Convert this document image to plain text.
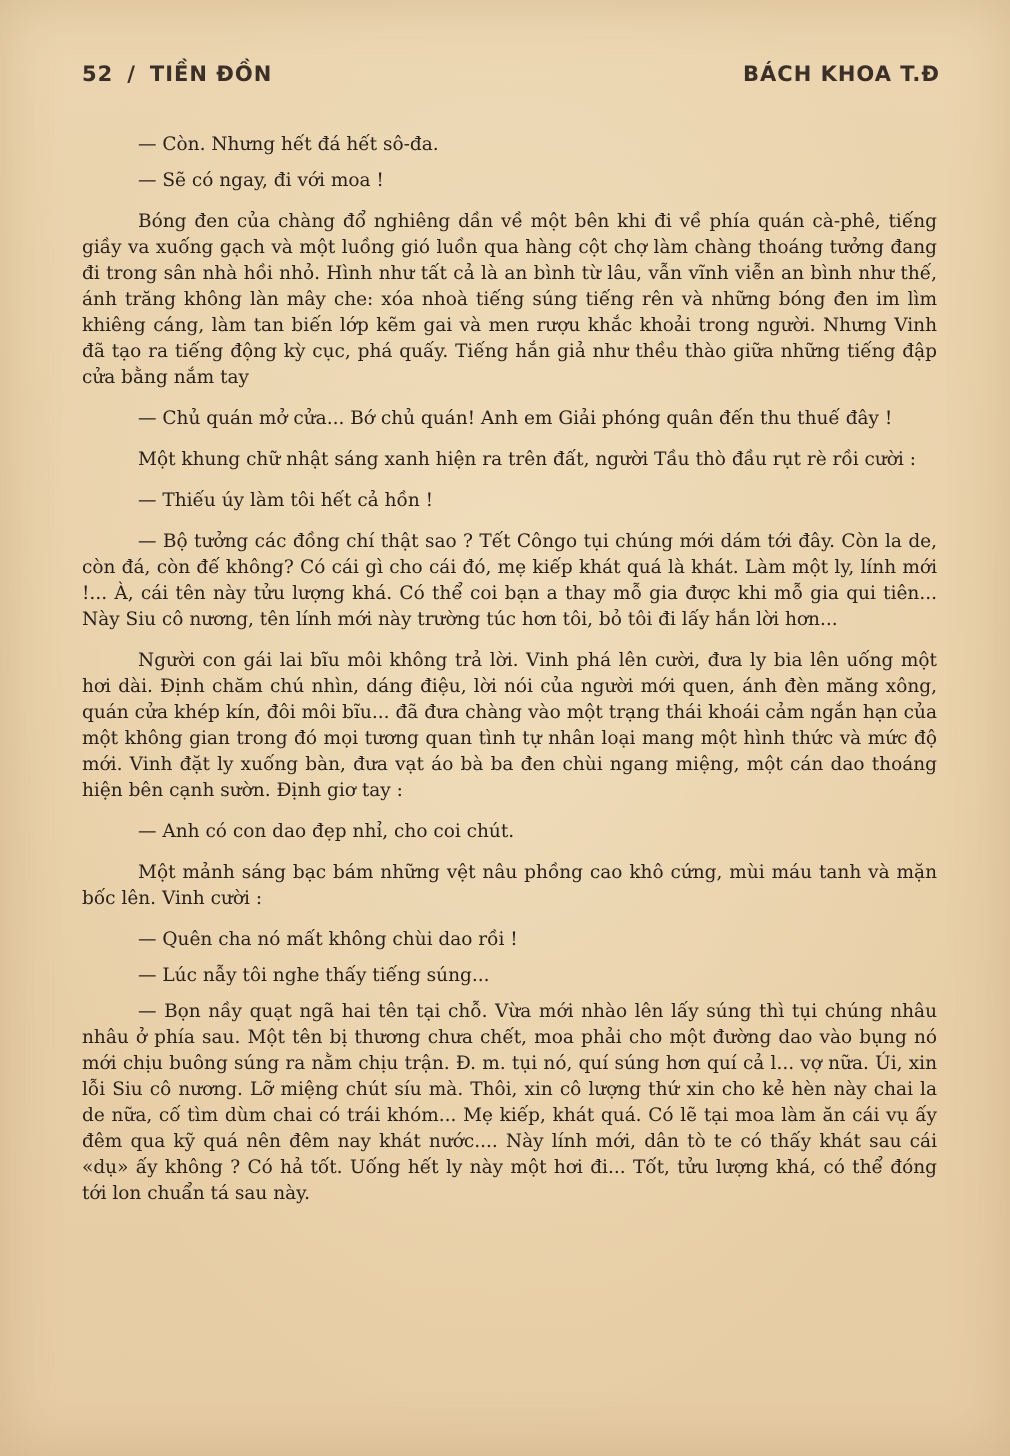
52 / TIỀN ĐỒN	BÁCH KHOA T.Đ

— Còn. Nhưng hết đá hết sô-đa.

— Sẽ có ngay, đi với moa !

Bóng đen của chàng đổ nghiêng dần về một bên khi đi về phía quán cà-phê, tiếng giầy va xuống gạch và một luồng gió luồn qua hàng cột chợ làm chàng thoáng tưởng đang đi trong sân nhà hồi nhỏ. Hình như tất cả là an bình từ lâu, vẫn vĩnh viễn an bình như thế, ánh trăng không làn mây che: xóa nhoà tiếng súng tiếng rên và những bóng đen im lìm khiêng cáng, làm tan biến lớp kẽm gai và men rượu khắc khoải trong người. Nhưng Vinh đã tạo ra tiếng động kỳ cục, phá quấy. Tiếng hắn giả như thều thào giữa những tiếng đập cửa bằng nắm tay

— Chủ quán mở cửa... Bớ chủ quán! Anh em Giải phóng quân đến thu thuế đây !

Một khung chữ nhật sáng xanh hiện ra trên đất, người Tầu thò đầu rụt rè rồi cười :

— Thiếu úy làm tôi hết cả hồn !

— Bộ tưởng các đồng chí thật sao ? Tết Côngo tụi chúng mới dám tới đây. Còn la de, còn đá, còn đế không? Có cái gì cho cái đó, mẹ kiếp khát quá là khát. Làm một ly, lính mới !... À, cái tên này tửu lượng khá. Có thể coi bạn a thay mỗ gia được khi mỗ gia qui tiên... Này Siu cô nương, tên lính mới này trường túc hơn tôi, bỏ tôi đi lấy hắn lời hơn...

Người con gái lai bĩu môi không trả lời. Vinh phá lên cười, đưa ly bia lên uống một hơi dài. Định chăm chú nhìn, dáng điệu, lời nói của người mới quen, ánh đèn măng xông, quán cửa khép kín, đôi môi bĩu... đã đưa chàng vào một trạng thái khoái cảm ngắn hạn của một không gian trong đó mọi tương quan tình tự nhân loại mang một hình thức và mức độ mới. Vinh đặt ly xuống bàn, đưa vạt áo bà ba đen chùi ngang miệng, một cán dao thoáng hiện bên cạnh sườn. Định giơ tay :

— Anh có con dao đẹp nhỉ, cho coi chút.

Một mảnh sáng bạc bám những vệt nâu phồng cao khô cứng, mùi máu tanh và mặn bốc lên. Vinh cười :

— Quên cha nó mất không chùi dao rồi !

— Lúc nẫy tôi nghe thấy tiếng súng...

— Bọn nầy quạt ngã hai tên tại chỗ. Vừa mới nhào lên lấy súng thì tụi chúng nhâu nhâu ở phía sau. Một tên bị thương chưa chết, moa phải cho một đường dao vào bụng nó mới chịu buông súng ra nằm chịu trận. Đ. m. tụi nó, quí súng hơn quí cả l... vợ nữa. Úi, xin lỗi Siu cô nương. Lỡ miệng chút síu mà. Thôi, xin cô lượng thứ xin cho kẻ hèn này chai la de nữa, cố tìm dùm chai có trái khóm... Mẹ kiếp, khát quá. Có lẽ tại moa làm ăn cái vụ ấy đêm qua kỹ quá nên đêm nay khát nước.... Này lính mới, dân tò te có thấy khát sau cái «dụ» ấy không ? Có hả tốt. Uống hết ly này một hơi đi... Tốt, tửu lượng khá, có thể đóng tới lon chuẩn tá sau này.
